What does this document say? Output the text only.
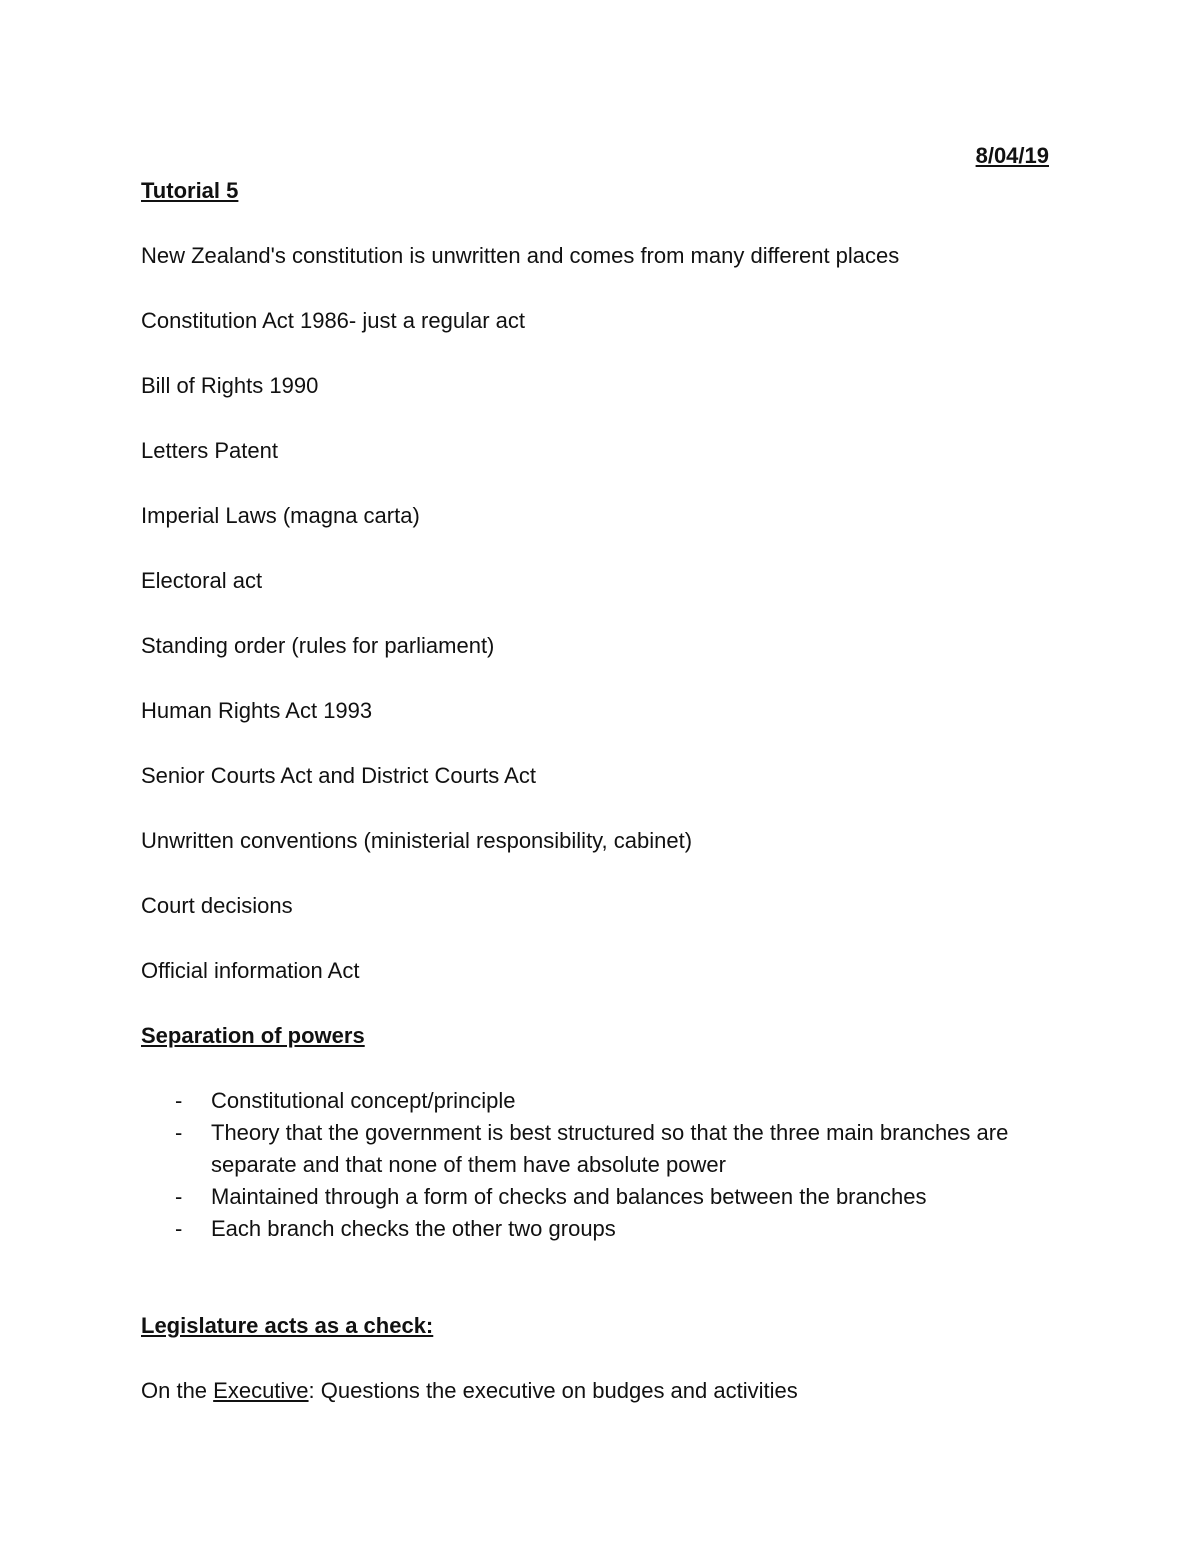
8/04/19

Tutorial 5

New Zealand's constitution is unwritten and comes from many different places

Constitution Act 1986- just a regular act

Bill of Rights 1990

Letters Patent

Imperial Laws (magna carta)

Electoral act

Standing order (rules for parliament)

Human Rights Act 1993

Senior Courts Act and District Courts Act

Unwritten conventions (ministerial responsibility, cabinet)

Court decisions

Official information Act

Separation of powers

- Constitutional concept/principle
- Theory that the government is best structured so that the three main branches are separate and that none of them have absolute power
- Maintained through a form of checks and balances between the branches
- Each branch checks the other two groups

Legislature acts as a check:

On the Executive: Questions the executive on budges and activities
